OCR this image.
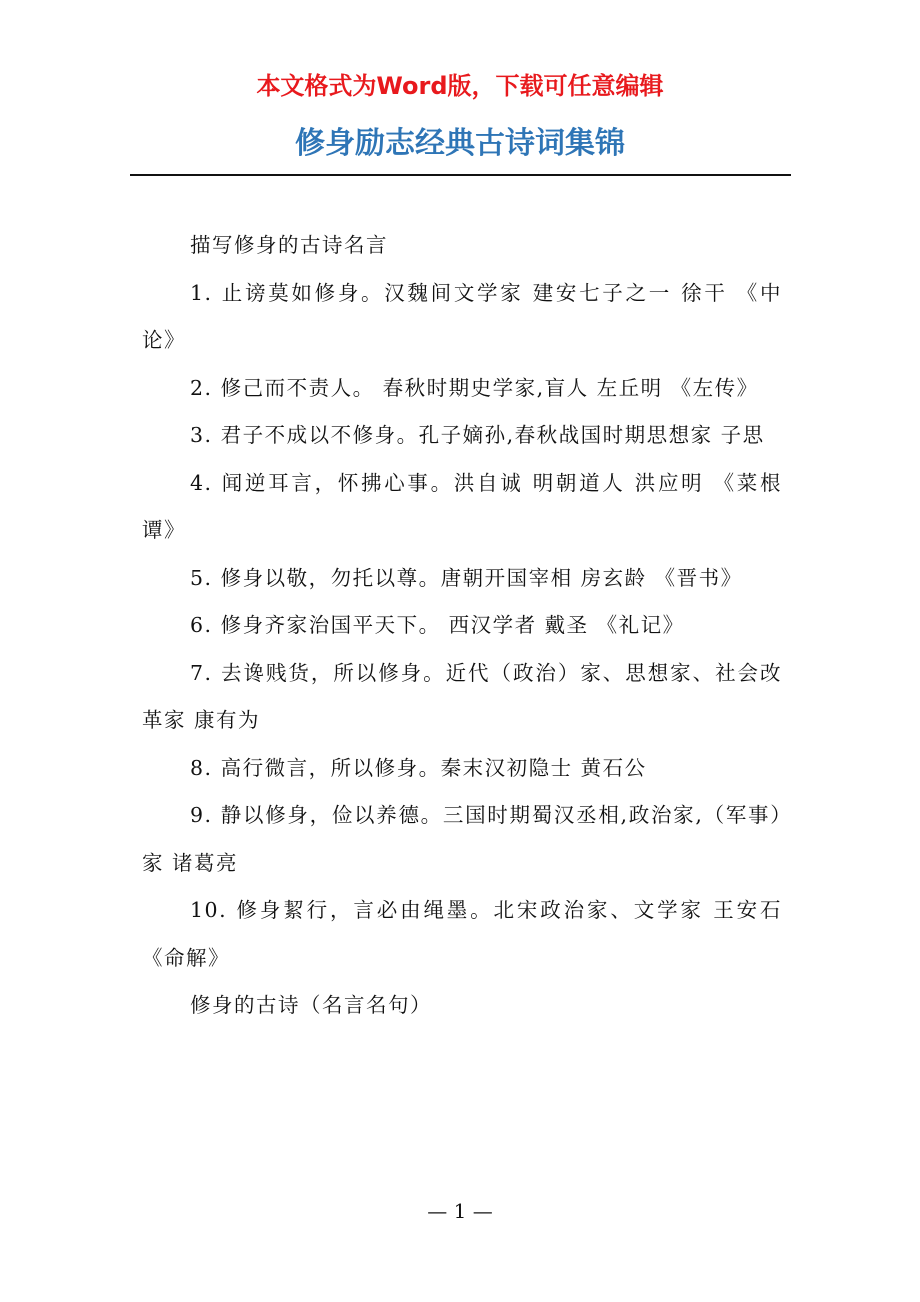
本文格式为Word版，下载可任意编辑
修身励志经典古诗词集锦

描写修身的古诗名言

1. 止谤莫如修身。汉魏间文学家 建安七子之一 徐干 《中论》

2. 修己而不责人。 春秋时期史学家,盲人 左丘明 《左传》

3. 君子不成以不修身。孔子嫡孙,春秋战国时期思想家 子思

4. 闻逆耳言，怀拂心事。洪自诚 明朝道人 洪应明 《菜根谭》

5. 修身以敬，勿托以尊。唐朝开国宰相 房玄龄 《晋书》

6. 修身齐家治国平天下。 西汉学者 戴圣 《礼记》

7. 去谗贱货，所以修身。近代（政治）家、思想家、社会改革家 康有为

8. 高行微言，所以修身。秦末汉初隐士 黄石公

9. 静以修身，俭以养德。三国时期蜀汉丞相,政治家,（军事）家 诸葛亮

10. 修身絜行，言必由绳墨。北宋政治家、文学家 王安石 《命解》

修身的古诗（名言名句）

— 1 —
